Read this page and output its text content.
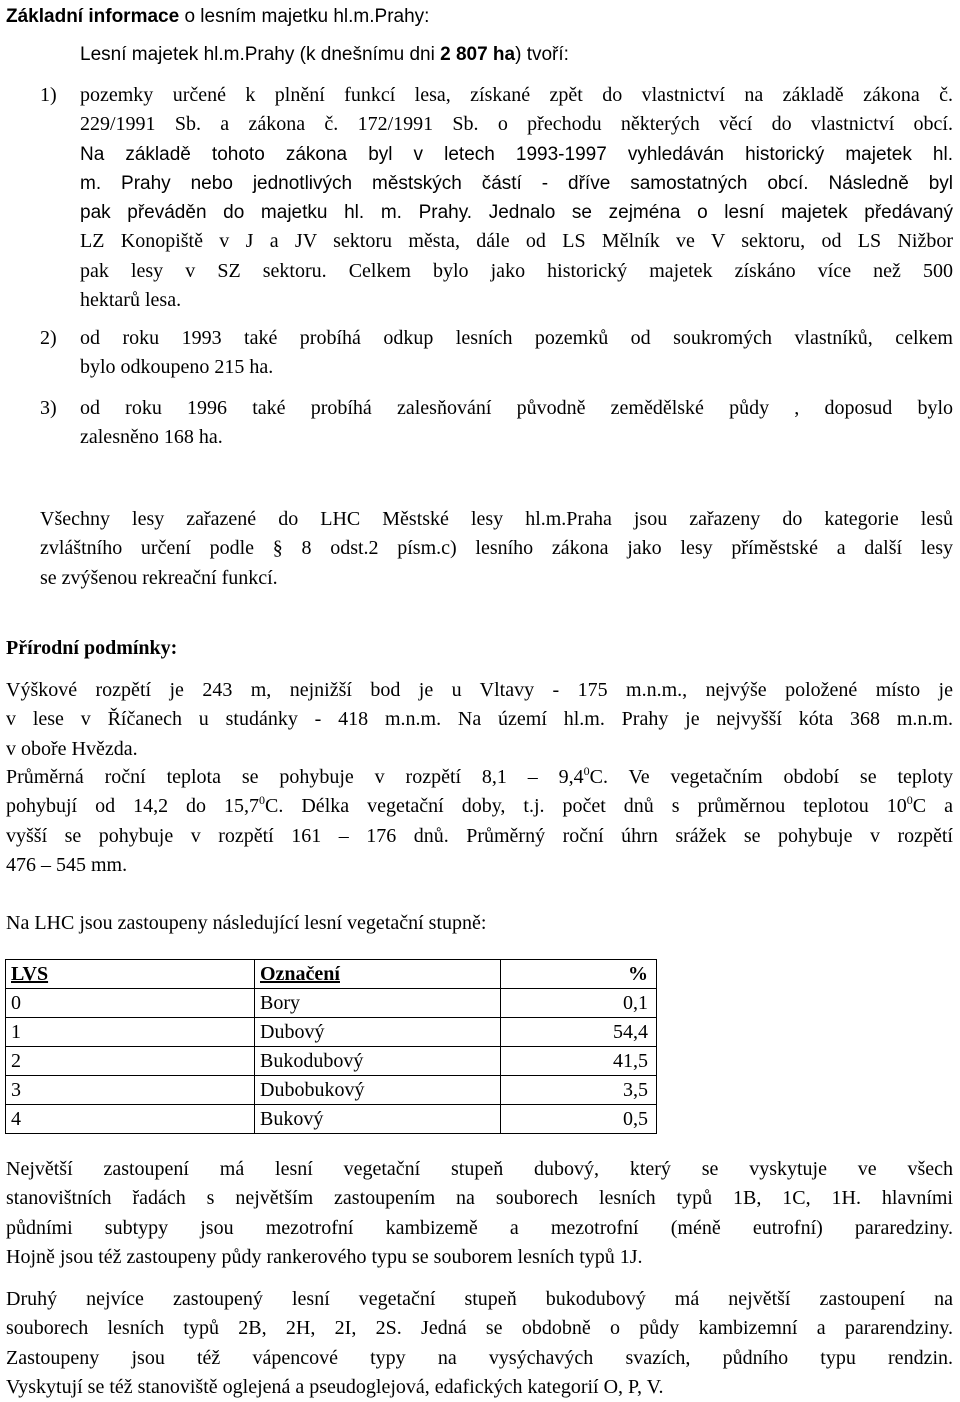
Základní informace o lesním majetku hl.m.Prahy:
Lesní majetek hl.m.Prahy (k dnešnímu dni 2 807 ha) tvoří:
1) pozemky určené k plnění funkcí lesa, získané zpět do vlastnictví na základě zákona č.
229/1991 Sb. a zákona č. 172/1991 Sb. o přechodu některých věcí do vlastnictví obcí.
Na základě tohoto zákona byl v letech 1993-1997 vyhledáván historický majetek hl.
m. Prahy nebo jednotlivých městských částí - dříve samostatných obcí. Následně byl
pak převáděn do majetku hl. m. Prahy. Jednalo se zejména o lesní majetek předávaný
LZ Konopiště v J a JV sektoru města, dále od LS Mělník ve V sektoru, od LS Nižbor
pak lesy v SZ sektoru. Celkem bylo jako historický majetek získáno více než 500
hektarů lesa.
2) od roku 1993 také probíhá odkup lesních pozemků od soukromých vlastníků, celkem
bylo odkoupeno 215 ha.
3) od roku 1996 také probíhá zalesňování původně zemědělské půdy , doposud bylo
zalesněno 168 ha.
Všechny lesy zařazené do LHC Městské lesy hl.m.Praha jsou zařazeny do kategorie lesů
zvláštního určení podle § 8 odst.2 písm.c) lesního zákona jako lesy příměstské a další lesy
se zvýšenou rekreační funkcí.
Přírodní podmínky:
Výškové rozpětí je 243 m, nejnižší bod je u Vltavy - 175 m.n.m., nejvýše položené místo je
v lese v Říčanech u studánky - 418 m.n.m. Na území hl.m. Prahy je nejvyšší kóta 368 m.n.m.
v oboře Hvězda.
Průměrná roční teplota se pohybuje v rozpětí $8,1 - 9,4^0C$. Ve vegetačním období se teploty
pohybují od 14,2 do 15,7$^0$C. Délka vegetační doby, t.j. počet dnů s průměrnou teplotou $10^0C$ a
vyšší se pohybuje v rozpětí 161 – 176 dnů. Průměrný roční úhrn srážek se pohybuje v rozpětí
476 – 545 mm.
Na LHC jsou zastoupeny následující lesní vegetační stupně:
LVS	Označení	%
0	Bory	0,1
1	Dubový	54,4
2	Bukodubový	41,5
3	Dubobukový	3,5
4	Bukový	0,5
Největší zastoupení má lesní vegetační stupeň dubový, který se vyskytuje ve všech
stanovištních řadách s největším zastoupením na souborech lesních typů 1B, 1C, 1H. hlavními
půdními subtypy jsou mezotrofní kambizemě a mezotrofní (méně eutrofní) pararedziny.
Hojně jsou též zastoupeny půdy rankerového typu se souborem lesních typů 1J.
Druhý nejvíce zastoupený lesní vegetační stupeň bukodubový má největší zastoupení na
souborech lesních typů 2B, 2H, 2I, 2S. Jedná se obdobně o půdy kambizemní a pararendziny.
Zastoupeny jsou též vápencové typy na vysýchavých svazích, půdního typu rendzin.
Vyskytují se též stanoviště oglejená a pseudoglejová, edafických kategorií O, P, V.
